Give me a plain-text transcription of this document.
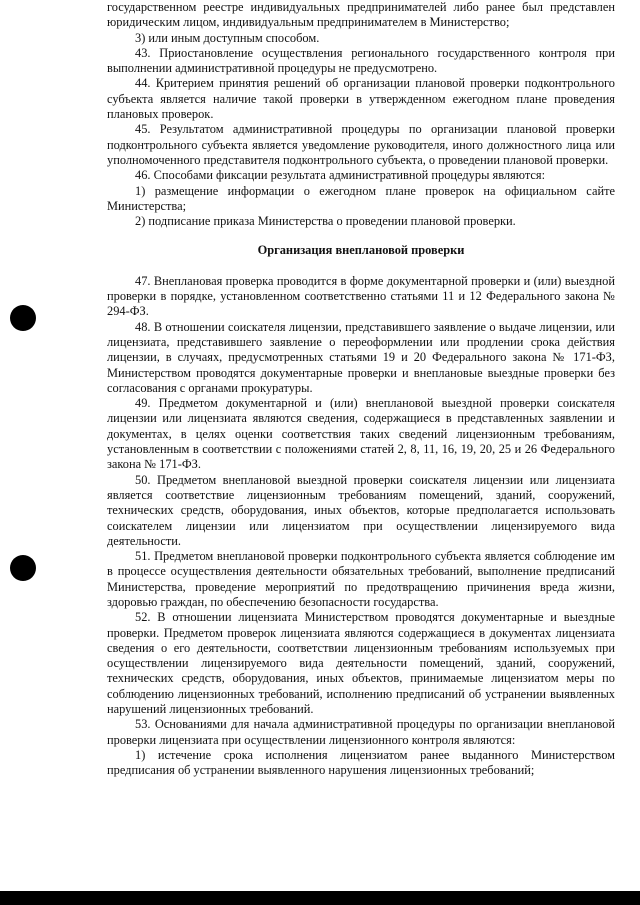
государственном реестре индивидуальных предпринимателей либо ранее был представлен юридическим лицом, индивидуальным предпринимателем в Министерство;

3) или иным доступным способом.

43. Приостановление осуществления регионального государственного контроля при выполнении административной процедуры не предусмотрено.

44. Критерием принятия решений об организации плановой проверки подконтрольного субъекта является наличие такой проверки в утвержденном ежегодном плане проведения плановых проверок.

45. Результатом административной процедуры по организации плановой проверки подконтрольного субъекта является уведомление руководителя, иного должностного лица или уполномоченного представителя подконтрольного субъекта, о проведении плановой проверки.

46. Способами фиксации результата административной процедуры являются:

1) размещение информации о ежегодном плане проверок на официальном сайте Министерства;

2) подписание приказа Министерства о проведении плановой проверки.

Организация внеплановой проверки

47. Внеплановая проверка проводится в форме документарной проверки и (или) выездной проверки в порядке, установленном соответственно статьями 11 и 12 Федерального закона № 294-ФЗ.

48. В отношении соискателя лицензии, представившего заявление о выдаче лицензии, или лицензиата, представившего заявление о переоформлении или продлении срока действия лицензии, в случаях, предусмотренных статьями 19 и 20 Федерального закона № 171-ФЗ, Министерством проводятся документарные проверки и внеплановые выездные проверки без согласования с органами прокуратуры.

49. Предметом документарной и (или) внеплановой выездной проверки соискателя лицензии или лицензиата являются сведения, содержащиеся в представленных заявлении и документах, в целях оценки соответствия таких сведений лицензионным требованиям, установленным в соответствии с положениями статей 2, 8, 11, 16, 19, 20, 25 и 26 Федерального закона № 171-ФЗ.

50. Предметом внеплановой выездной проверки соискателя лицензии или лицензиата является соответствие лицензионным требованиям помещений, зданий, сооружений, технических средств, оборудования, иных объектов, которые предполагается использовать соискателем лицензии или лицензиатом при осуществлении лицензируемого вида деятельности.

51. Предметом внеплановой проверки подконтрольного субъекта является соблюдение им в процессе осуществления деятельности обязательных требований, выполнение предписаний Министерства, проведение мероприятий по предотвращению причинения вреда жизни, здоровью граждан, по обеспечению безопасности государства.

52. В отношении лицензиата Министерством проводятся документарные и выездные проверки. Предметом проверок лицензиата являются содержащиеся в документах лицензиата сведения о его деятельности, соответствии лицензионным требованиям используемых при осуществлении лицензируемого вида деятельности помещений, зданий, сооружений, технических средств, оборудования, иных объектов, принимаемые лицензиатом меры по соблюдению лицензионных требований, исполнению предписаний об устранении выявленных нарушений лицензионных требований.

53. Основаниями для начала административной процедуры по организации внеплановой проверки лицензиата при осуществлении лицензионного контроля являются:

1) истечение срока исполнения лицензиатом ранее выданного Министерством предписания об устранении выявленного нарушения лицензионных требований;
